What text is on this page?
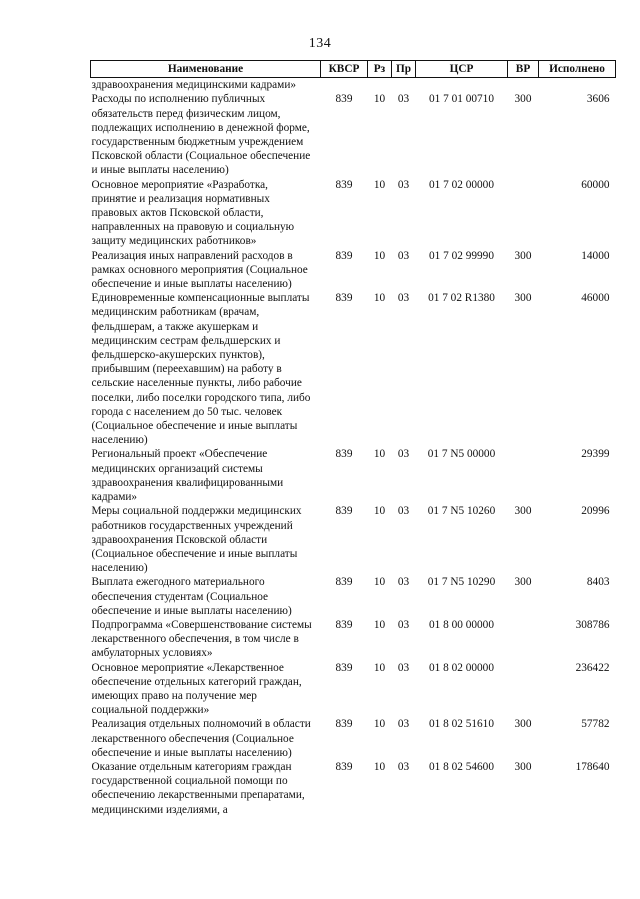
134
Наименование	КВСР	Рз	Пр	ЦСР	ВР	Исполнено
здравоохранения медицинскими кадрами»						
Расходы по исполнению публичных обязательств перед физическим лицом, подлежащих исполнению в денежной форме, государственным бюджетным учреждением Псковской области (Социальное обеспечение и иные выплаты населению)	839	10	03	01 7 01 00710	300	3606
Основное мероприятие «Разработка, принятие и реализация нормативных правовых актов Псковской области, направленных на правовую и социальную защиту медицинских работников»	839	10	03	01 7 02 00000		60000
Реализация иных направлений расходов в рамках основного мероприятия (Социальное обеспечение и иные выплаты населению)	839	10	03	01 7 02 99990	300	14000
Единовременные компенсационные выплаты медицинским работникам (врачам, фельдшерам, а также акушеркам и медицинским сестрам фельдшерских и фельдшерско-акушерских пунктов), прибывшим (переехавшим) на работу в сельские населенные пункты, либо рабочие поселки, либо поселки городского типа, либо города с населением до 50 тыс. человек (Социальное обеспечение и иные выплаты населению)	839	10	03	01 7 02 R1380	300	46000
Региональный проект «Обеспечение медицинских организаций системы здравоохранения квалифицированными кадрами»	839	10	03	01 7 N5 00000		29399
Меры социальной поддержки медицинских работников государственных учреждений здравоохранения Псковской области (Социальное обеспечение и иные выплаты населению)	839	10	03	01 7 N5 10260	300	20996
Выплата ежегодного материального обеспечения студентам (Социальное обеспечение и иные выплаты населению)	839	10	03	01 7 N5 10290	300	8403
Подпрограмма «Совершенствование системы лекарственного обеспечения, в том числе в амбулаторных условиях»	839	10	03	01 8 00 00000		308786
Основное мероприятие «Лекарственное обеспечение отдельных категорий граждан, имеющих право на получение мер социальной поддержки»	839	10	03	01 8 02 00000		236422
Реализация отдельных полномочий в области лекарственного обеспечения (Социальное обеспечение и иные выплаты населению)	839	10	03	01 8 02 51610	300	57782
Оказание отдельным категориям граждан государственной социальной помощи по обеспечению лекарственными препаратами, медицинскими изделиями, а	839	10	03	01 8 02 54600	300	178640
